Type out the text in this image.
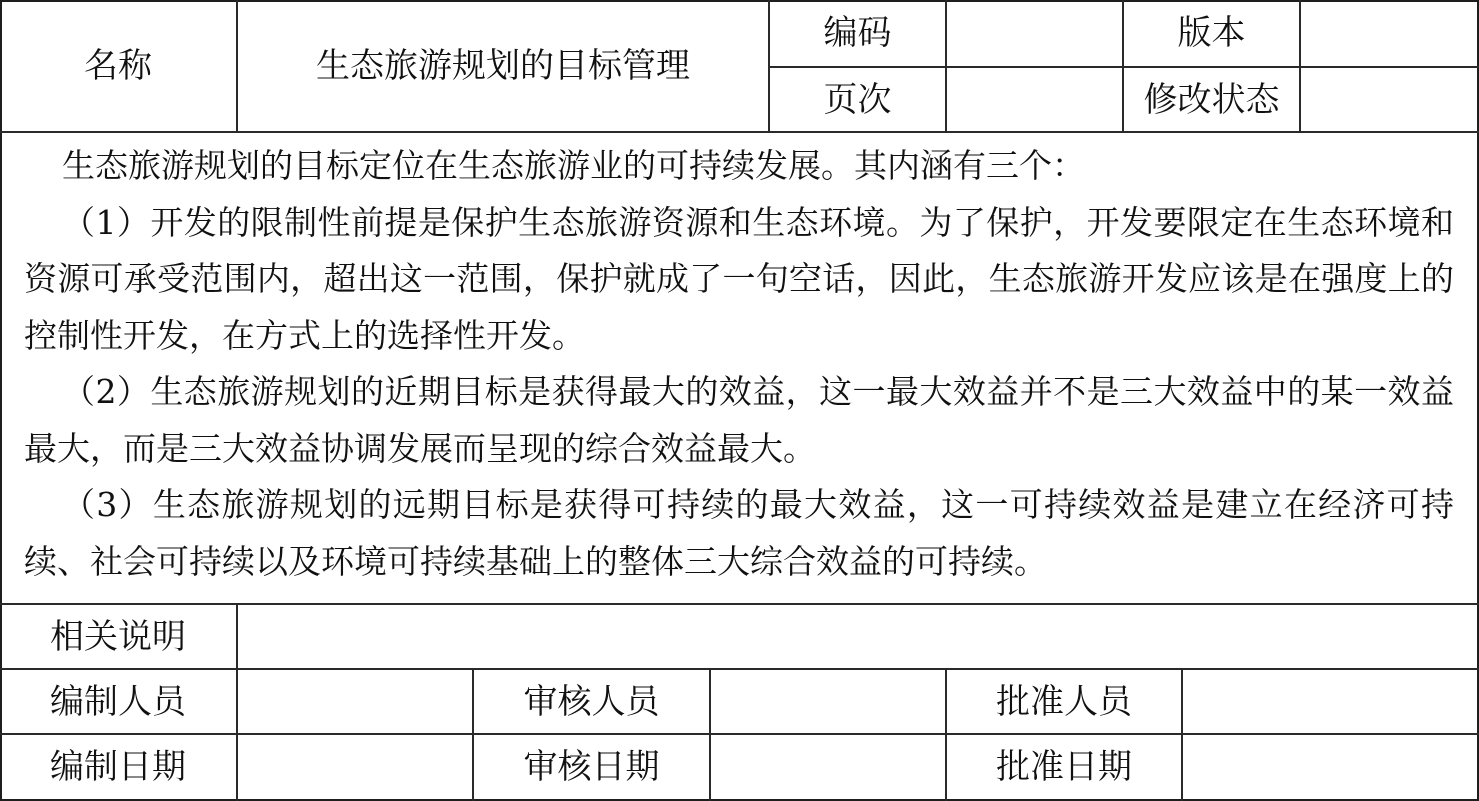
名称	生态旅游规划的目标管理
编码	版本
页次	修改状态

生态旅游规划的目标定位在生态旅游业的可持续发展。其内涵有三个：

（1）开发的限制性前提是保护生态旅游资源和生态环境。为了保护，开发要限定在生态环境和资源可承受范围内，超出这一范围，保护就成了一句空话，因此，生态旅游开发应该是在强度上的控制性开发，在方式上的选择性开发。

（2）生态旅游规划的近期目标是获得最大的效益，这一最大效益并不是三大效益中的某一效益最大，而是三大效益协调发展而呈现的综合效益最大。

（3）生态旅游规划的远期目标是获得可持续的最大效益，这一可持续效益是建立在经济可持续、社会可持续以及环境可持续基础上的整体三大综合效益的可持续。

相关说明
编制人员	审核人员	批准人员
编制日期	审核日期	批准日期
